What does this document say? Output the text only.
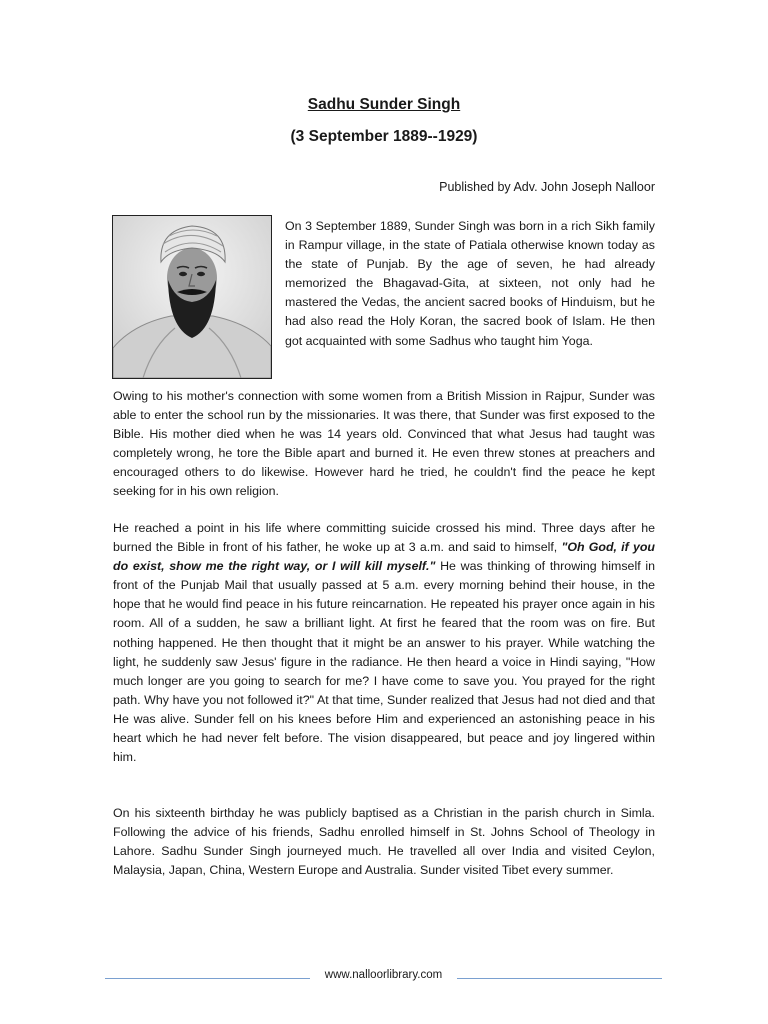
Sadhu Sunder Singh
(3 September 1889--1929)
Published by Adv. John Joseph Nalloor

On 3 September 1889, Sunder Singh was born in a rich Sikh family in Rampur village, in the state of Patiala otherwise known today as the state of Punjab. By the age of seven, he had already memorized the Bhagavad-Gita, at sixteen, not only had he mastered the Vedas, the ancient sacred books of Hinduism, but he had also read the Holy Koran, the sacred book of Islam. He then got acquainted with some Sadhus who taught him Yoga.

Owing to his mother's connection with some women from a British Mission in Rajpur, Sunder was able to enter the school run by the missionaries. It was there, that Sunder was first exposed to the Bible. His mother died when he was 14 years old. Convinced that what Jesus had taught was completely wrong, he tore the Bible apart and burned it. He even threw stones at preachers and encouraged others to do likewise. However hard he tried, he couldn't find the peace he kept seeking for in his own religion.

He reached a point in his life where committing suicide crossed his mind. Three days after he burned the Bible in front of his father, he woke up at 3 a.m. and said to himself, "Oh God, if you do exist, show me the right way, or I will kill myself." He was thinking of throwing himself in front of the Punjab Mail that usually passed at 5 a.m. every morning behind their house, in the hope that he would find peace in his future reincarnation. He repeated his prayer once again in his room. All of a sudden, he saw a brilliant light. At first he feared that the room was on fire. But nothing happened. He then thought that it might be an answer to his prayer. While watching the light, he suddenly saw Jesus' figure in the radiance. He then heard a voice in Hindi saying, "How much longer are you going to search for me? I have come to save you. You prayed for the right path. Why have you not followed it?" At that time, Sunder realized that Jesus had not died and that He was alive. Sunder fell on his knees before Him and experienced an astonishing peace in his heart which he had never felt before. The vision disappeared, but peace and joy lingered within him.

On his sixteenth birthday he was publicly baptised as a Christian in the parish church in Simla. Following the advice of his friends, Sadhu enrolled himself in St. Johns School of Theology in Lahore. Sadhu Sunder Singh journeyed much. He travelled all over India and visited Ceylon, Malaysia, Japan, China, Western Europe and Australia. Sunder visited Tibet every summer.

www.nalloorlibrary.com
